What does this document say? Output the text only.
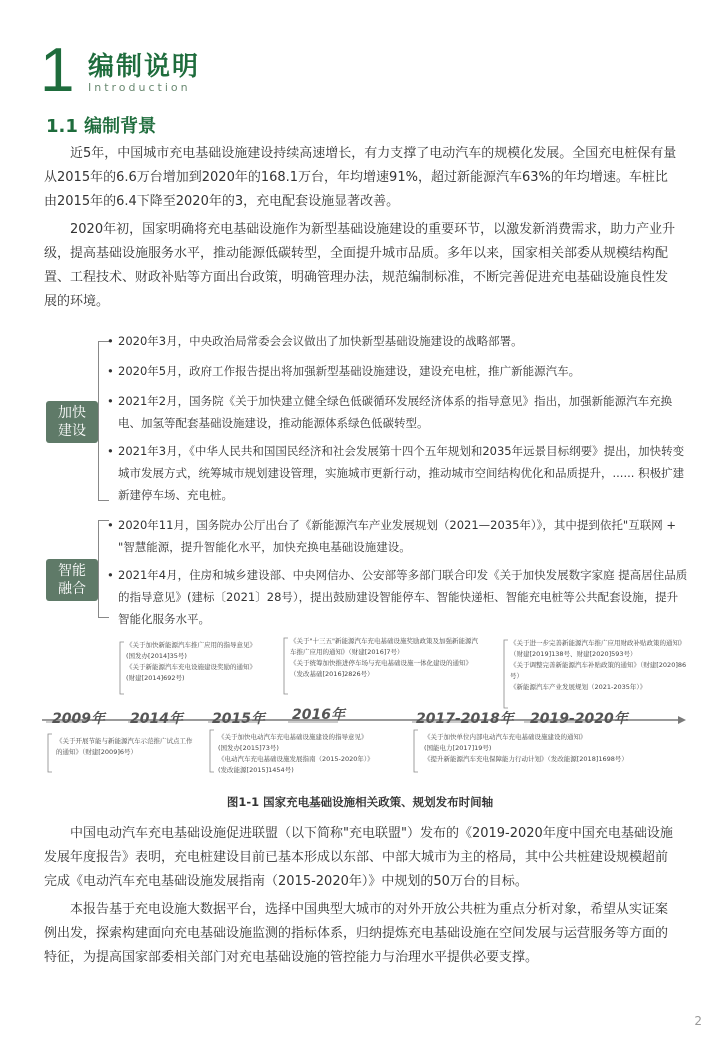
1 编制说明
Introduction
1.1 编制背景
近5年，中国城市充电基础设施建设持续高速增长，有力支撑了电动汽车的规模化发展。全国充电桩保有量从2015年的6.6万台增加到2020年的168.1万台，年均增速91%，超过新能源汽车63%的年均增速。车桩比由2015年的6.4下降至2020年的3，充电配套设施显著改善。
2020年初，国家明确将充电基础设施作为新型基础设施建设的重要环节，以激发新消费需求，助力产业升级，提高基础设施服务水平，推动能源低碳转型，全面提升城市品质。多年以来，国家相关部委从规模结构配置、工程技术、财政补贴等方面出台政策，明确管理办法，规范编制标准，不断完善促进充电基础设施良性发展的环境。
加快建设
• 2020年3月，中央政治局常委会会议做出了加快新型基础设施建设的战略部署。
• 2020年5月，政府工作报告提出将加强新型基础设施建设，建设充电桩，推广新能源汽车。
• 2021年2月，国务院《关于加快建立健全绿色低碳循环发展经济体系的指导意见》指出，加强新能源汽车充换电、加氢等配套基础设施建设，推动能源体系绿色低碳转型。
• 2021年3月，《中华人民共和国国民经济和社会发展第十四个五年规划和2035年远景目标纲要》提出，加快转变城市发展方式，统筹城市规划建设管理，实施城市更新行动，推动城市空间结构优化和品质提升，...... 积极扩建新建停车场、充电桩。
智能融合
• 2020年11月，国务院办公厅出台了《新能源汽车产业发展规划（2021—2035年）》，其中提到依托"互联网 + "智慧能源，提升智能化水平，加快充换电基础设施建设。
• 2021年4月，住房和城乡建设部、中央网信办、公安部等多部门联合印发《关于加快发展数字家庭 提高居住品质的指导意见》(建标〔2021〕28号），提出鼓励建设智能停车、智能快递柜、智能充电桩等公共配套设施，提升智能化服务水平。
2009年 2014年 2015年 2016年	2017-2018年 2019-2020年
《关于加快新能源汽车推广应用的指导意见》
(国发办[2014]35号)
《关于新能源汽车充电设施建设奖励的通知》
(财建[2014]692号)
《关于"十三五"新能源汽车充电基础设施奖励政策及加强新能源汽车推广应用的通知》（财建[2016]7号）
《关于统筹加快推进停车场与充电基础设施一体化建设的通知》（发改基础[2016]2826号）
《关于进一步完善新能源汽车推广应用财政补贴政策的通知》（财建[2019]138号、财建[2020]593号）
《关于调整完善新能源汽车补贴政策的通知》（财建[2020]86号）
《新能源汽车产业发展规划（2021-2035年）》
《关于开展节能与新能源汽车示范推广试点工作的通知》（财建[2009]6号）
《关于加快电动汽车充电基础设施建设的指导意见》
(国发办[2015]73号)
《电动汽车充电基础设施发展指南（2015-2020年）》
(发改能源[2015]1454号)
《关于加快单位内部电动汽车充电基础设施建设的通知》
(国能电力[2017]19号)
《提升新能源汽车充电保障能力行动计划》（发改能源[2018]1698号）
图1-1 国家充电基础设施相关政策、规划发布时间轴
中国电动汽车充电基础设施促进联盟（以下简称"充电联盟"）发布的《2019-2020年度中国充电基础设施发展年度报告》表明，充电桩建设目前已基本形成以东部、中部大城市为主的格局，其中公共桩建设规模超前完成《电动汽车充电基础设施发展指南（2015-2020年）》中规划的50万台的目标。
本报告基于充电设施大数据平台，选择中国典型大城市的对外开放公共桩为重点分析对象，希望从实证案例出发，探索构建面向充电基础设施监测的指标体系，归纳提炼充电基础设施在空间发展与运营服务等方面的特征，为提高国家部委相关部门对充电基础设施的管控能力与治理水平提供必要支撑。
2
